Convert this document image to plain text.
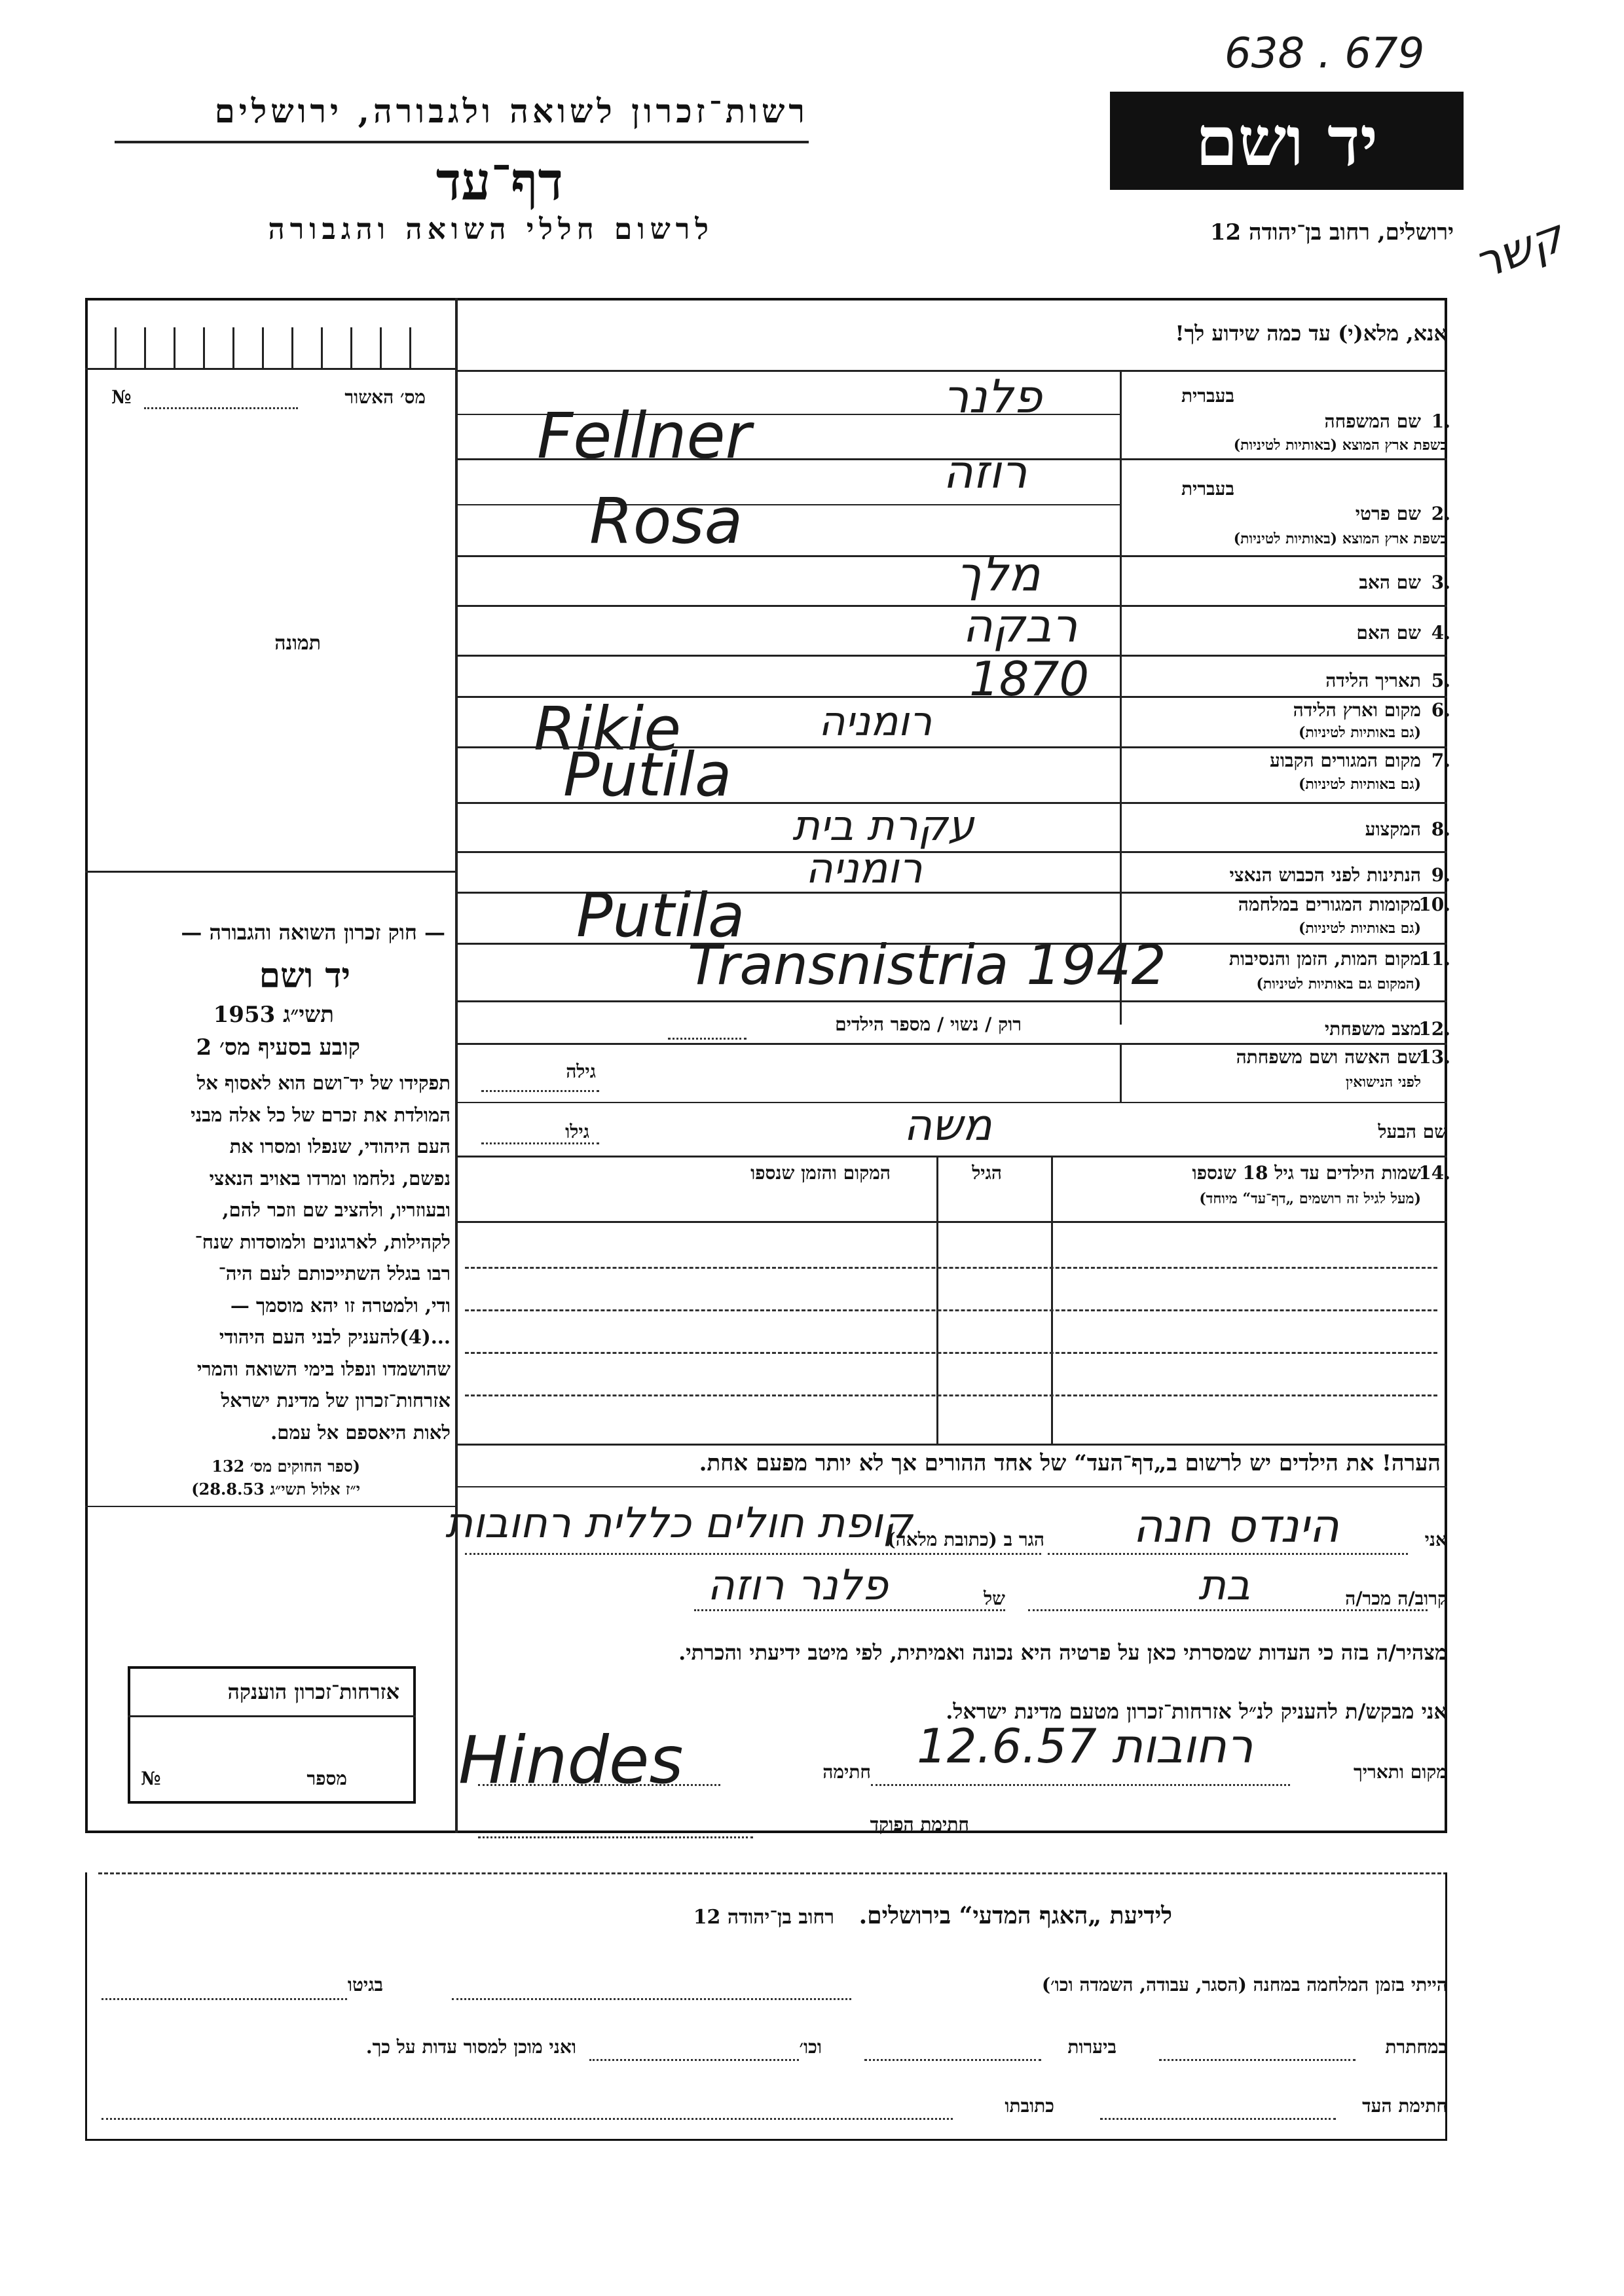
638 . 679
קשר
רשות־זכרון לשואה ולגבורה, ירושלים
דף־עד
לרשום חללי השואה והגבורה
יד ושם
ירושלים, רחוב בן־יהודה 12
מס׳ האשור
№
תמונה
אנא, מלא(י) עד כמה שידוע לך!
בעברית
1.
שם המשפחה
בשפת ארץ המוצא (באותיות לטיניות)
פלנר
Fellner
בעברית
2.
שם פרטי
בשפת ארץ המוצא (באותיות לטיניות)
רוזה
Rosa
3.
שם האב
מלך
4.
שם האם
רבקה
5.
תאריך הלידה
1870
6.
מקום וארץ הלידה
(גם באותיות לטיניות)
רומניה
Rikie	7.
מקום המגורים הקבוע
(גם באותיות לטיניות)
Putila
8.
המקצוע
עקרת בית
9.
הנתינות לפני הכבוש הנאצי
רומניה
10.
מקומות המגורים במלחמה
(גם באותיות לטיניות)
Putila
11.
מקום המות, הזמן והנסיבות
(המקום גם באותיות לטיניות)
Transnistria 1942
12.
מצב משפחתי
רוק / נשוי / מספר הילדים
13.
שם האשה ושם משפחתה
לפני הנישואין
גילה
שם הבעל
משה
גילו
14.
שמות הילדים עד גיל 18 שנספו
(מעל לגיל זה רושמים „דף־עד“ מיוחד)
הגיל
המקום והזמן שנספו
הערה! את הילדים יש לרשום ב„דף־העד“ של אחד ההורים אך לא יותר מפעם אחת.
— חוק זכרון השואה והגבורה —
יד ושם
תשי״ג 1953
קובע בסעיף מס׳ 2
תפקידו של יד־ושם הוא לאסוף אל
המולדת את זכרם של כל אלה מבני
העם היהודי, שנפלו ומסרו את
נפשם, נלחמו ומרדו באויב הנאצי
ובעוזריו, ולהציב שם וזכר להם,
לקהילות, לארגונים ולמוסדות שנח־
רבו בגלל השתייכותם לעם היה־
ודי, ולמטרה זו יהא מוסמך —
...(4)להעניק לבני העם היהודי
שהושמדו ונפלו בימי השואה והמרי
אזרחות־זכרון של מדינת ישראל
לאות היאספם אל עמם.
(ספר החוקים מס׳ 132
י״ז אלול תשי״ג 28.8.53)
אזרחות־זכרון הוענקה
מספר
№
אני
הינדס חנה
הגר ב (כתובת מלאה)
קופת חולים כללית רחובות
קרוב/ה מכר/ה
בת
של
פלנר רוזה
מצהיר/ה בזה כי העדות שמסרתי כאן על פרטיה היא נכונה ואמיתית, לפי מיטב ידיעתי והכרתי.
אני מבקש/ת להעניק לנ״ל אזרחות־זכרון מטעם מדינת ישראל.
מקום ותאריך
רחובות 12.6.57
חתימה
Hindes
חתימת הפוקד
לידיעת „האגף המדעי“ בירושלים.   רחוב בן־יהודה 12
הייתי בזמן המלחמה במחנה (הסגר, עבודה, השמדה וכו׳)
בגיטו
במחתרת
ביערות
וכו׳
ואני מוכן למסור עדות על כך.
חתימת העד
כתובתו
